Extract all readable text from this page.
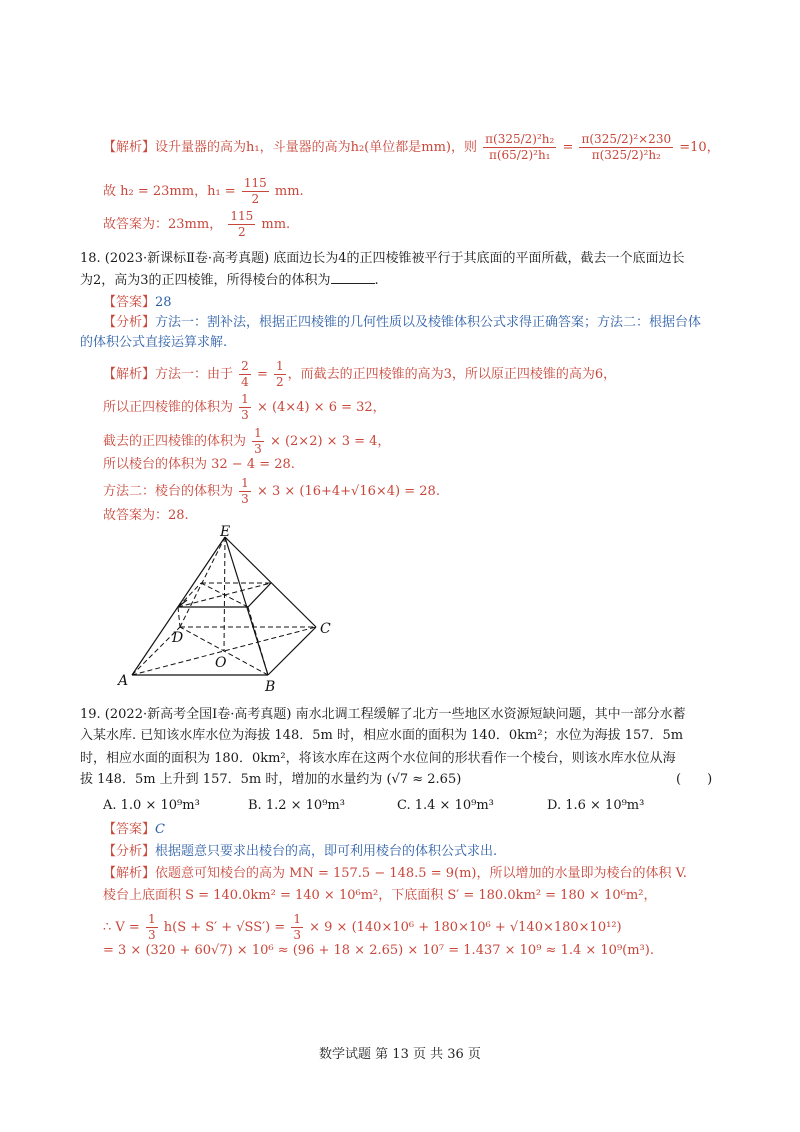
【解析】设升量器的高为h₁，斗量器的高为h₂(单位都是mm)，则 $\frac{\text{π(325/2)²h₂}}{\text{π(65/2)²h₁}} = \frac{\text{π(325/2)²×230}}{\text{π(325/2)²h₂}} =10$，
故 h₂ = 23mm，$h_1 = \frac{115}{2}$ mm.
故答案为：23mm， $\frac{115}{2}$ mm.
18. (2023·新课标Ⅱ卷·高考真题) 底面边长为4的正四棱锥被平行于其底面的平面所截，截去一个底面边长
为2，高为3的正四棱锥，所得棱台的体积为	.
【答案】28
【分析】方法一：割补法，根据正四棱锥的几何性质以及棱锥体积公式求得正确答案；方法二：根据台体
的体积公式直接运算求解.
【解析】方法一：由于 $\frac{2}{4} = \frac{1}{2}$ ，而截去的正四棱锥的高为3，所以原正四棱锥的高为6，
所以正四棱锥的体积为 $\frac{1}{3} \times (4\times 4) \times 6 = 32$，
截去的正四棱锥的体积为 $\frac{1}{3} \times (2\times 2) \times 3 = 4$，
所以棱台的体积为 32 − 4 = 28.
方法二：棱台的体积为 $\frac{1}{3} \times 3 \times (16+4+√16\times 4) = 28$.
故答案为：28.
E
D
C
O
A	B
19. (2022·新高考全国Ⅰ卷·高考真题) 南水北调工程缓解了北方一些地区水资源短缺问题，其中一部分水蓄
入某水库. 已知该水库水位为海拔 148．5m 时，相应水面的面积为 140．0km²；水位为海拔 157．5m
时，相应水面的面积为 180．0km²，将该水库在这两个水位间的形状看作一个棱台，则该水库水位从海
拔 148．5m 上升到 157．5m 时，增加的水量约为 (√7 ≈ 2.65)	(　　)
A. 1.0 × 10⁹m³	B. 1.2 × 10⁹m³	C. 1.4 × 10⁹m³	D. 1.6 × 10⁹m³
【答案】C
【分析】根据题意只要求出棱台的高，即可利用棱台的体积公式求出.
【解析】依题意可知棱台的高为 MN = 157.5 − 148.5 = 9(m)，所以增加的水量即为棱台的体积 V.
棱台上底面积 S = 140.0km² = 140 × 10⁶m²，下底面积 S′ = 180.0km² = 180 × 10⁶m²，
∴ $V = \frac{1}{3} h(S + S' + √SS') = \frac{1}{3} \times 9 \times (140\times 10^6 + 180\times 10^6 + √140\times 180\times 10^{12})$
= 3 × (320 + 60√7) × 10⁶ ≈ (96 + 18 × 2.65) × 10⁷ = 1.437 × 10⁹ ≈ 1.4 × 10⁹(m³).
数学试题 第 13 页 共 36 页
